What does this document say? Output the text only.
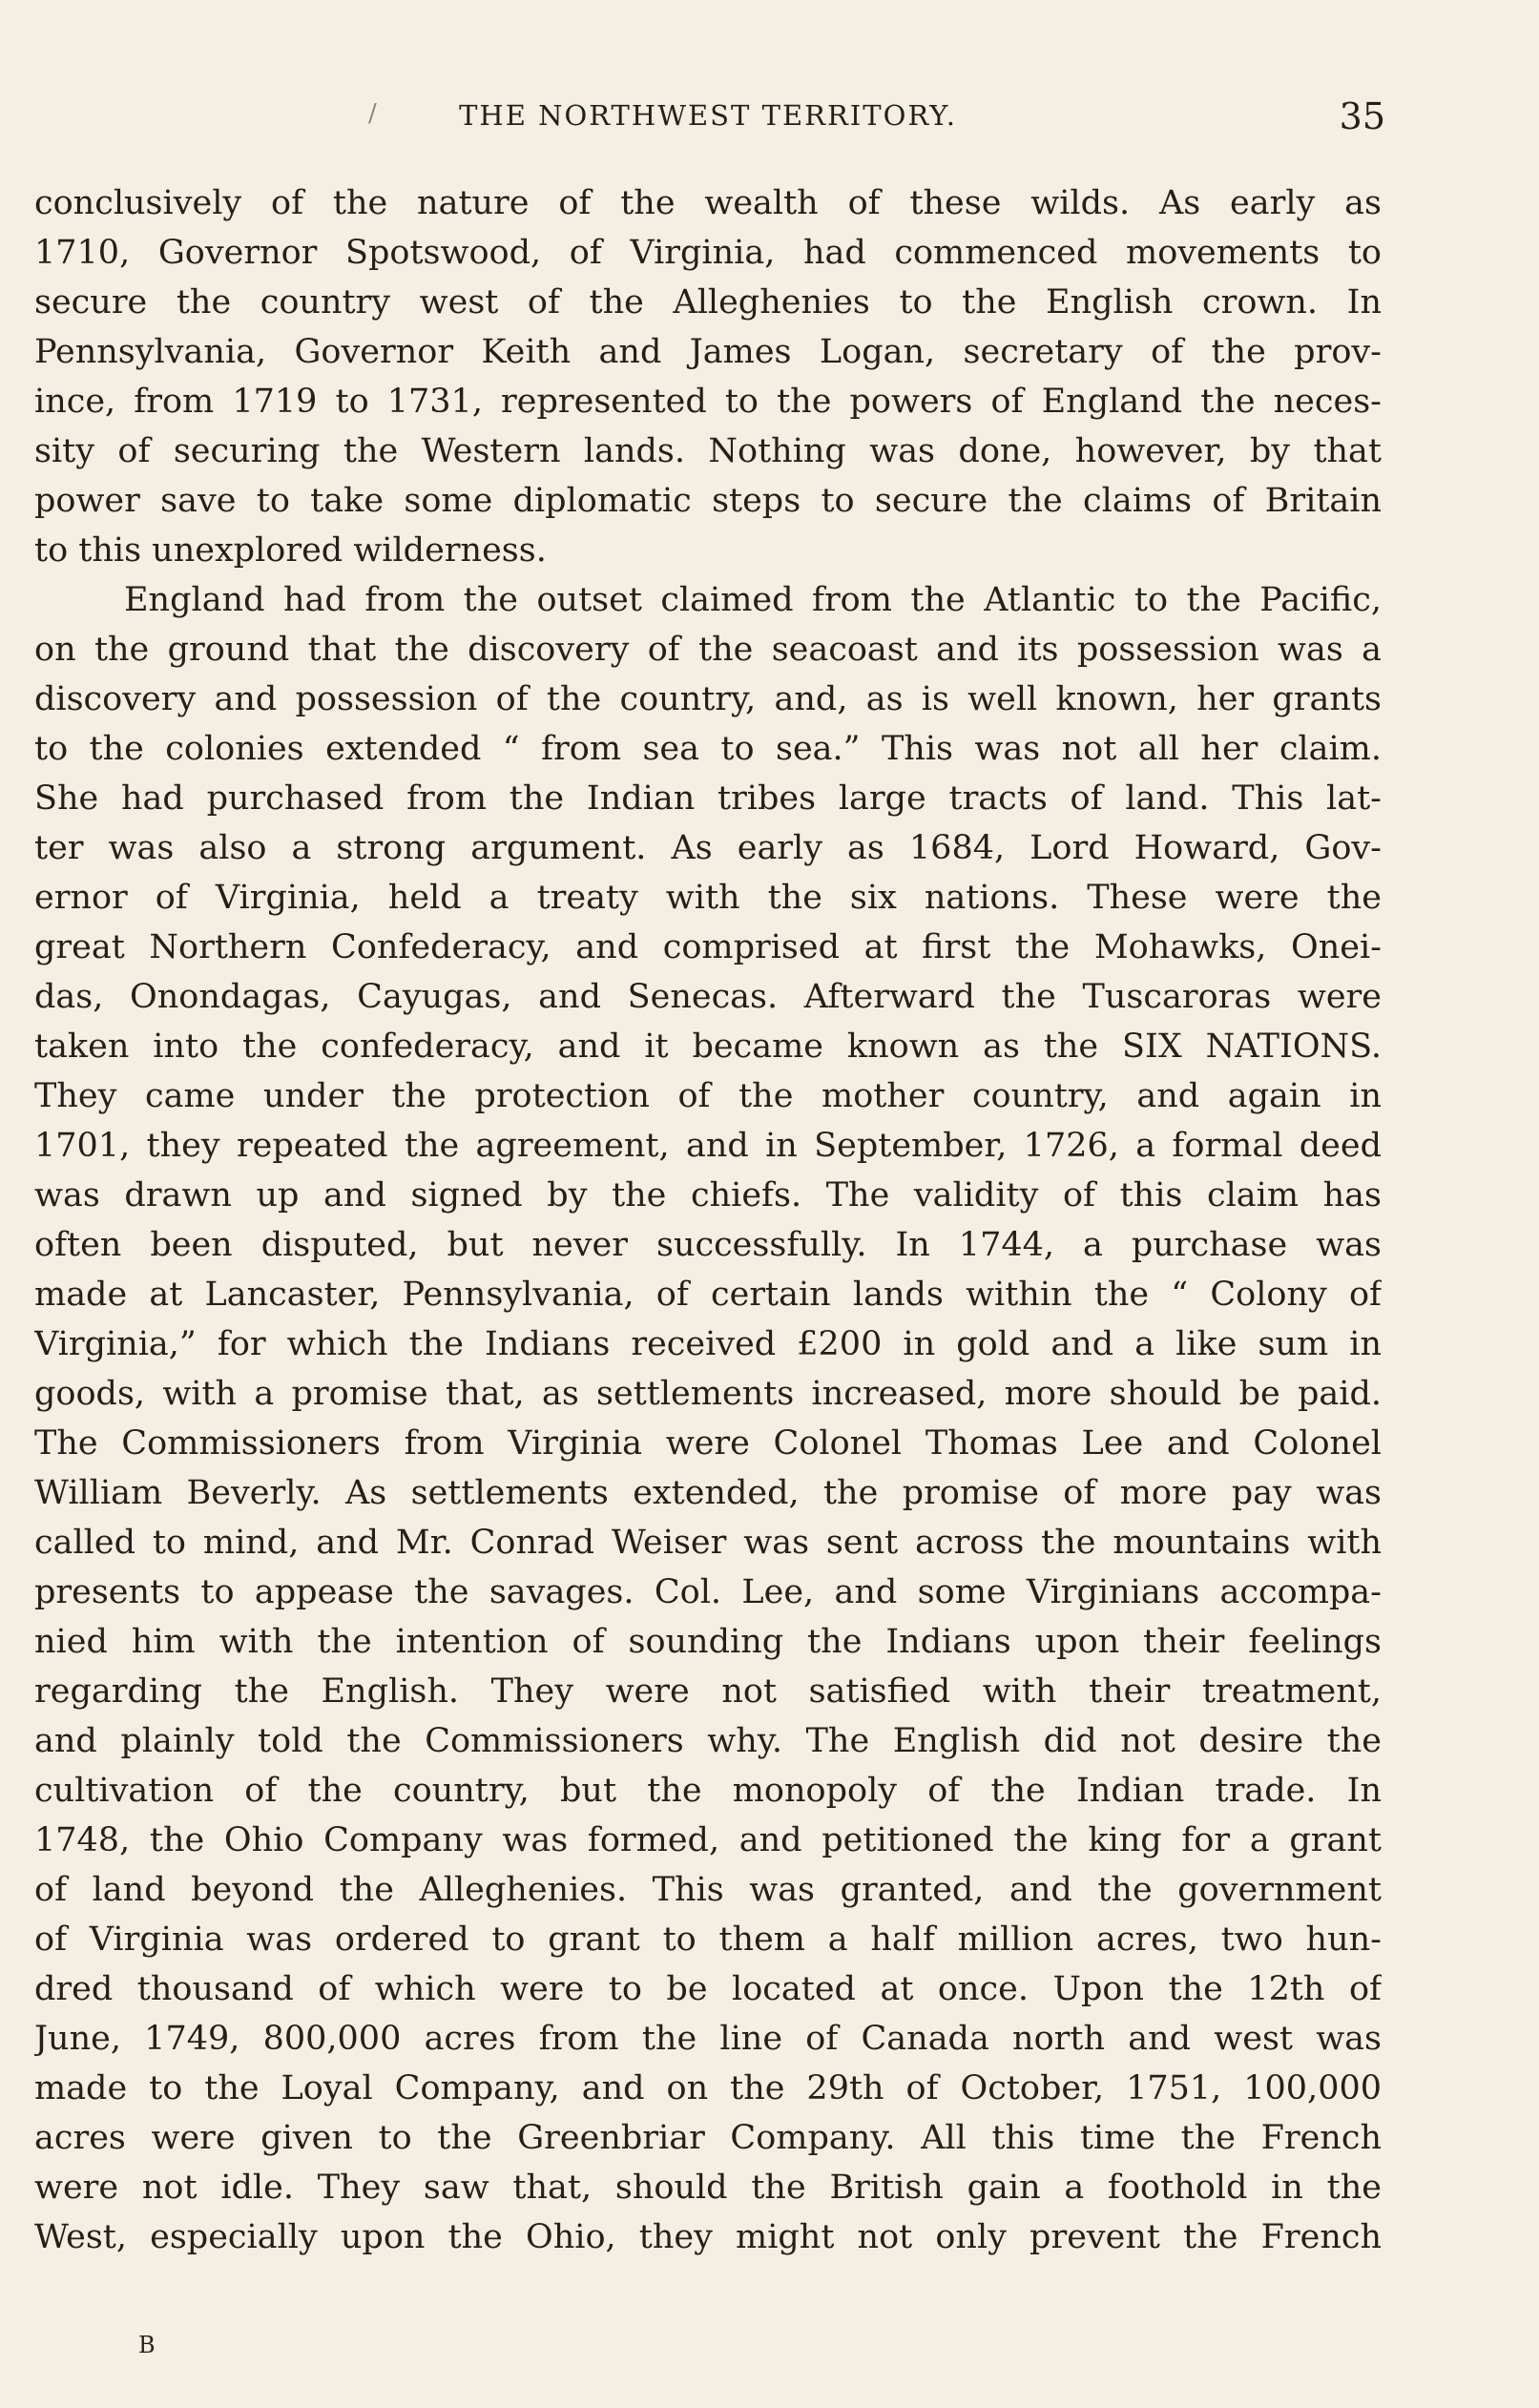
/	THE NORTHWEST TERRITORY.	35
conclusively of the nature of the wealth of these wilds. As early as
1710, Governor Spotswood, of Virginia, had commenced movements to
secure the country west of the Alleghenies to the English crown. In
Pennsylvania, Governor Keith and James Logan, secretary of the prov-
ince, from 1719 to 1731, represented to the powers of England the neces-
sity of securing the Western lands. Nothing was done, however, by that
power save to take some diplomatic steps to secure the claims of Britain
to this unexplored wilderness.
England had from the outset claimed from the Atlantic to the Pacific,
on the ground that the discovery of the seacoast and its possession was a
discovery and possession of the country, and, as is well known, her grants
to the colonies extended “ from sea to sea.” This was not all her claim.
She had purchased from the Indian tribes large tracts of land. This lat-
ter was also a strong argument. As early as 1684, Lord Howard, Gov-
ernor of Virginia, held a treaty with the six nations. These were the
great Northern Confederacy, and comprised at first the Mohawks, Onei-
das, Onondagas, Cayugas, and Senecas. Afterward the Tuscaroras were
taken into the confederacy, and it became known as the SIX NATIONS.
They came under the protection of the mother country, and again in
1701, they repeated the agreement, and in September, 1726, a formal deed
was drawn up and signed by the chiefs. The validity of this claim has
often been disputed, but never successfully. In 1744, a purchase was
made at Lancaster, Pennsylvania, of certain lands within the “ Colony of
Virginia,” for which the Indians received £200 in gold and a like sum in
goods, with a promise that, as settlements increased, more should be paid.
The Commissioners from Virginia were Colonel Thomas Lee and Colonel
William Beverly. As settlements extended, the promise of more pay was
called to mind, and Mr. Conrad Weiser was sent across the mountains with
presents to appease the savages. Col. Lee, and some Virginians accompa-
nied him with the intention of sounding the Indians upon their feelings
regarding the English. They were not satisfied with their treatment,
and plainly told the Commissioners why. The English did not desire the
cultivation of the country, but the monopoly of the Indian trade. In
1748, the Ohio Company was formed, and petitioned the king for a grant
of land beyond the Alleghenies. This was granted, and the government
of Virginia was ordered to grant to them a half million acres, two hun-
dred thousand of which were to be located at once. Upon the 12th of
June, 1749, 800,000 acres from the line of Canada north and west was
made to the Loyal Company, and on the 29th of October, 1751, 100,000
acres were given to the Greenbriar Company. All this time the French
were not idle. They saw that, should the British gain a foothold in the
West, especially upon the Ohio, they might not only prevent the French
B
